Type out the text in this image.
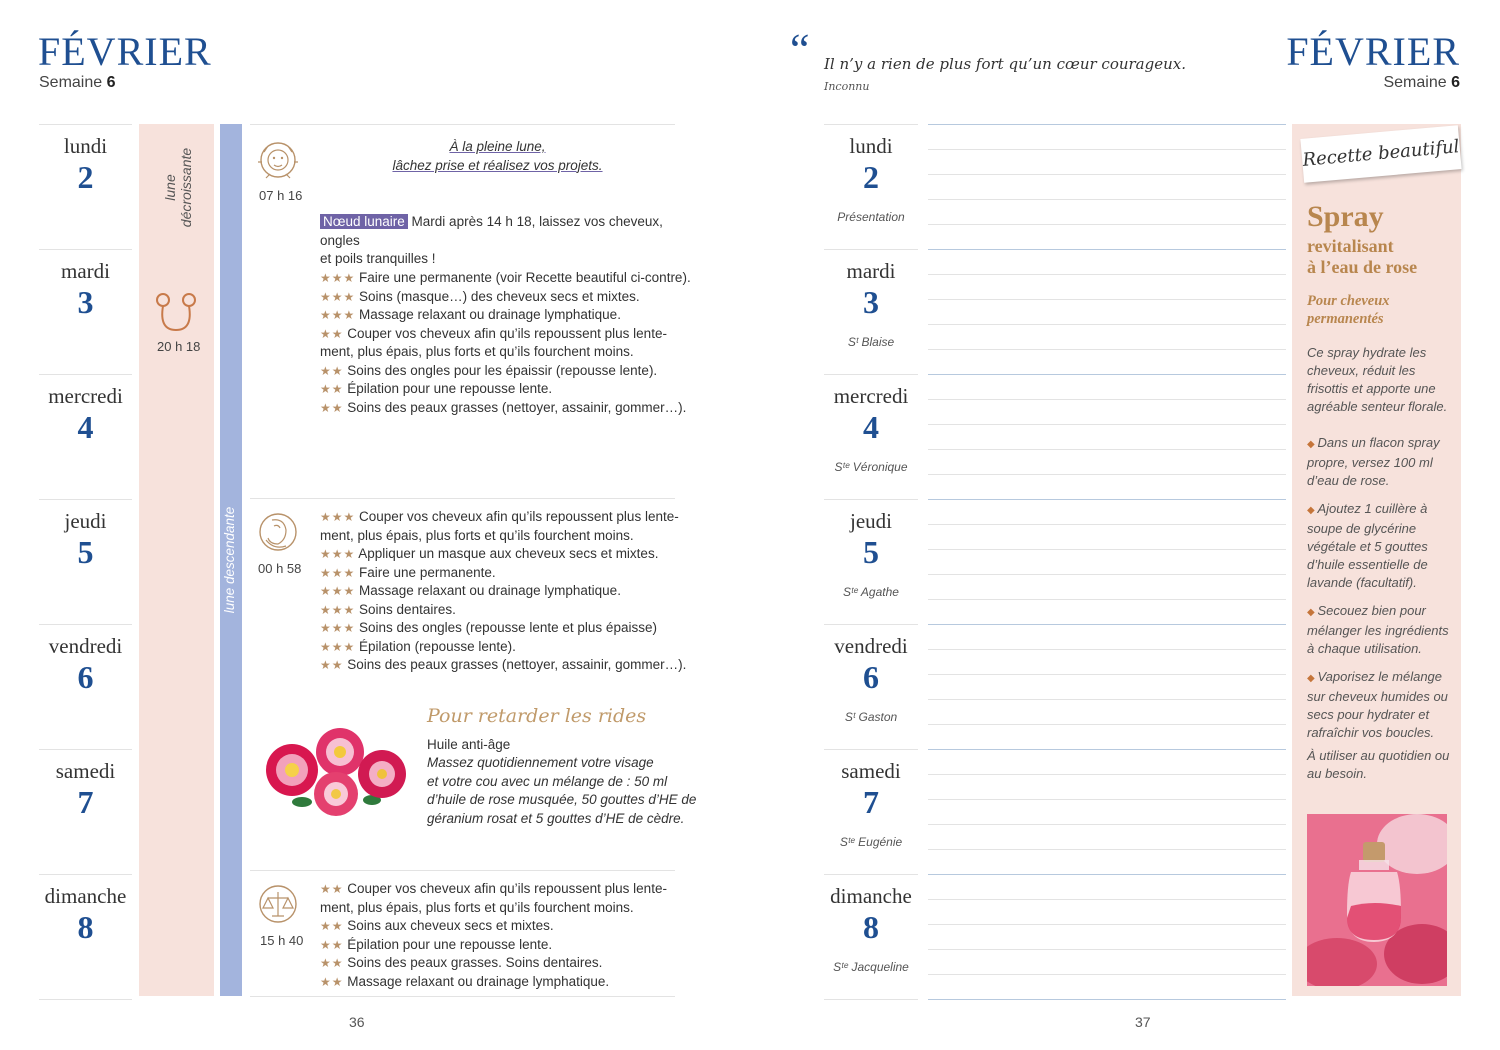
FÉVRIER
Semaine 6
lundi
2
mardi
3
mercredi
4
jeudi
5
vendredi
6
samedi
7
dimanche
8
lune décroissante
20 h 18
lune descendante
07 h 16
À la pleine lune,
lâchez prise et réalisez vos projets.
Nœud lunaire Mardi après 14 h 18, laissez vos cheveux, ongles
et poils tranquilles !
★★★ Faire une permanente (voir Recette beautiful ci-contre).
★★★ Soins (masque…) des cheveux secs et mixtes.
★★★ Massage relaxant ou drainage lymphatique.
★★ Couper vos cheveux afin qu’ils repoussent plus lente-
ment, plus épais, plus forts et qu’ils fourchent moins.
★★ Soins des ongles pour les épaissir (repousse lente).
★★ Épilation pour une repousse lente.
★★ Soins des peaux grasses (nettoyer, assainir, gommer…).
00 h 58
★★★ Couper vos cheveux afin qu’ils repoussent plus lente-
ment, plus épais, plus forts et qu’ils fourchent moins.
★★★ Appliquer un masque aux cheveux secs et mixtes.
★★★ Faire une permanente.
★★★ Massage relaxant ou drainage lymphatique.
★★★ Soins dentaires.
★★★ Soins des ongles (repousse lente et plus épaisse)
★★★ Épilation (repousse lente).
★★ Soins des peaux grasses (nettoyer, assainir, gommer…).
Pour retarder les rides
Huile anti-âge
Massez quotidiennement votre visage
et votre cou avec un mélange de : 50 ml
d’huile de rose musquée, 50 gouttes d’HE de
géranium rosat et 5 gouttes d’HE de cèdre.
15 h 40
★★ Couper vos cheveux afin qu’ils repoussent plus lente-
ment, plus épais, plus forts et qu’ils fourchent moins.
★★ Soins aux cheveux secs et mixtes.
★★ Épilation pour une repousse lente.
★★ Soins des peaux grasses. Soins dentaires.
★★ Massage relaxant ou drainage lymphatique.
36
“ Il n’y a rien de plus fort qu’un cœur courageux.
Inconnu
FÉVRIER
Semaine 6
lundi
2
Présentation
mardi
3
Sᵗ Blaise
mercredi
4
Sᵗᵉ Véronique
jeudi
5
Sᵗᵉ Agathe
vendredi
6
Sᵗ Gaston
samedi
7
Sᵗᵉ Eugénie
dimanche
8
Sᵗᵉ Jacqueline
Recette beautiful
Spray
revitalisant
à l’eau de rose
Pour cheveux
permanentés
Ce spray hydrate les cheveux, réduit les frisottis et apporte une agréable senteur florale.
◆ Dans un flacon spray propre, versez 100 ml d’eau de rose.
◆ Ajoutez 1 cuillère à soupe de glycérine végétale et 5 gouttes d’huile essentielle de lavande (facultatif).
◆ Secouez bien pour mélanger les ingrédients à chaque utilisation.
◆ Vaporisez le mélange sur cheveux humides ou secs pour hydrater et rafraîchir vos boucles.
À utiliser au quotidien ou au besoin.
37
